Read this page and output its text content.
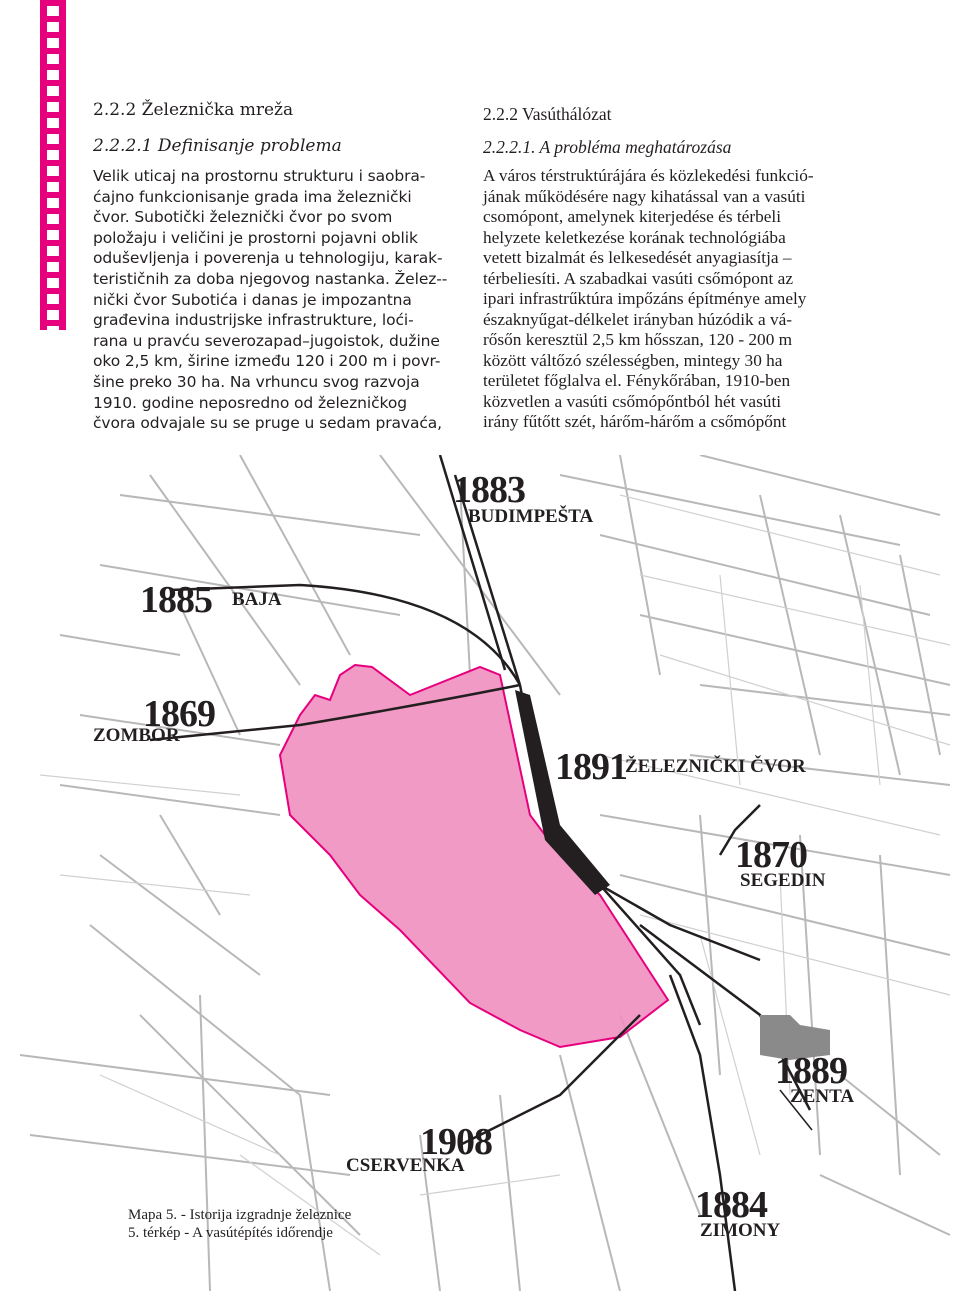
2.2.2 Železnička mreža

2.2.2.1 Definisanje problema

Velik uticaj na prostornu strukturu i saobra-
ćajno funkcionisanje grada ima železnički
čvor. Subotički železnički čvor po svom
položaju i veličini je prostorni pojavni oblik
oduševljenja i poverenja u tehnologiju, karak-
terističnih za doba njegovog nastanka. Želez--
nički čvor Subotića i danas je impozantna
građevina industrijske infrastrukture, loći-
rana u pravću severozapad–jugoistok, dužine
oko 2,5 km, širine između 120 i 200 m i povr-
šine preko 30 ha. Na vrhuncu svog razvoja
1910. godine neposredno od železničkog
čvora odvajale su se pruge u sedam pravaća,

2.2.2 Vasúthálózat

2.2.2.1. A probléma meghatározása

A város térstruktúrájára és közlekedési funkció-
jának működésére nagy kihatással van a vasúti
csomópont, amelynek kiterjedése és térbeli
helyzete keletkezése korának technológiába
vetett bizalmát és lelkesedését anyagiasítja –
térbeliesíti. A szabadkai vasúti csőmópont az
ipari infrastrűktúra impőzáns építménye amely
északnyűgat-délkelet irányban húzódik a vá-
rősőn keresztül 2,5 km hősszan, 120 - 200 m
között váltőzó szélességben, mintegy 30 ha
területet főglalva el. Fénykőrában, 1910-ben
közvetlen a vasúti csőmópőntból hét vasúti
irány fűtőtt szét, hárőm-hárőm a csőmópőnt
1883
BUDIMPEŠTA
1885 BAJA
1869
ZOMBOR
1891
ŽELEZNIČKI ČVOR
1870
SEGEDIN
1889
ZENTA
1908
CSERVENKA
1884
ZIMONY
Mapa 5. - Istorija izgradnje železnice
5. térkép - A vasútépítés időrendje
